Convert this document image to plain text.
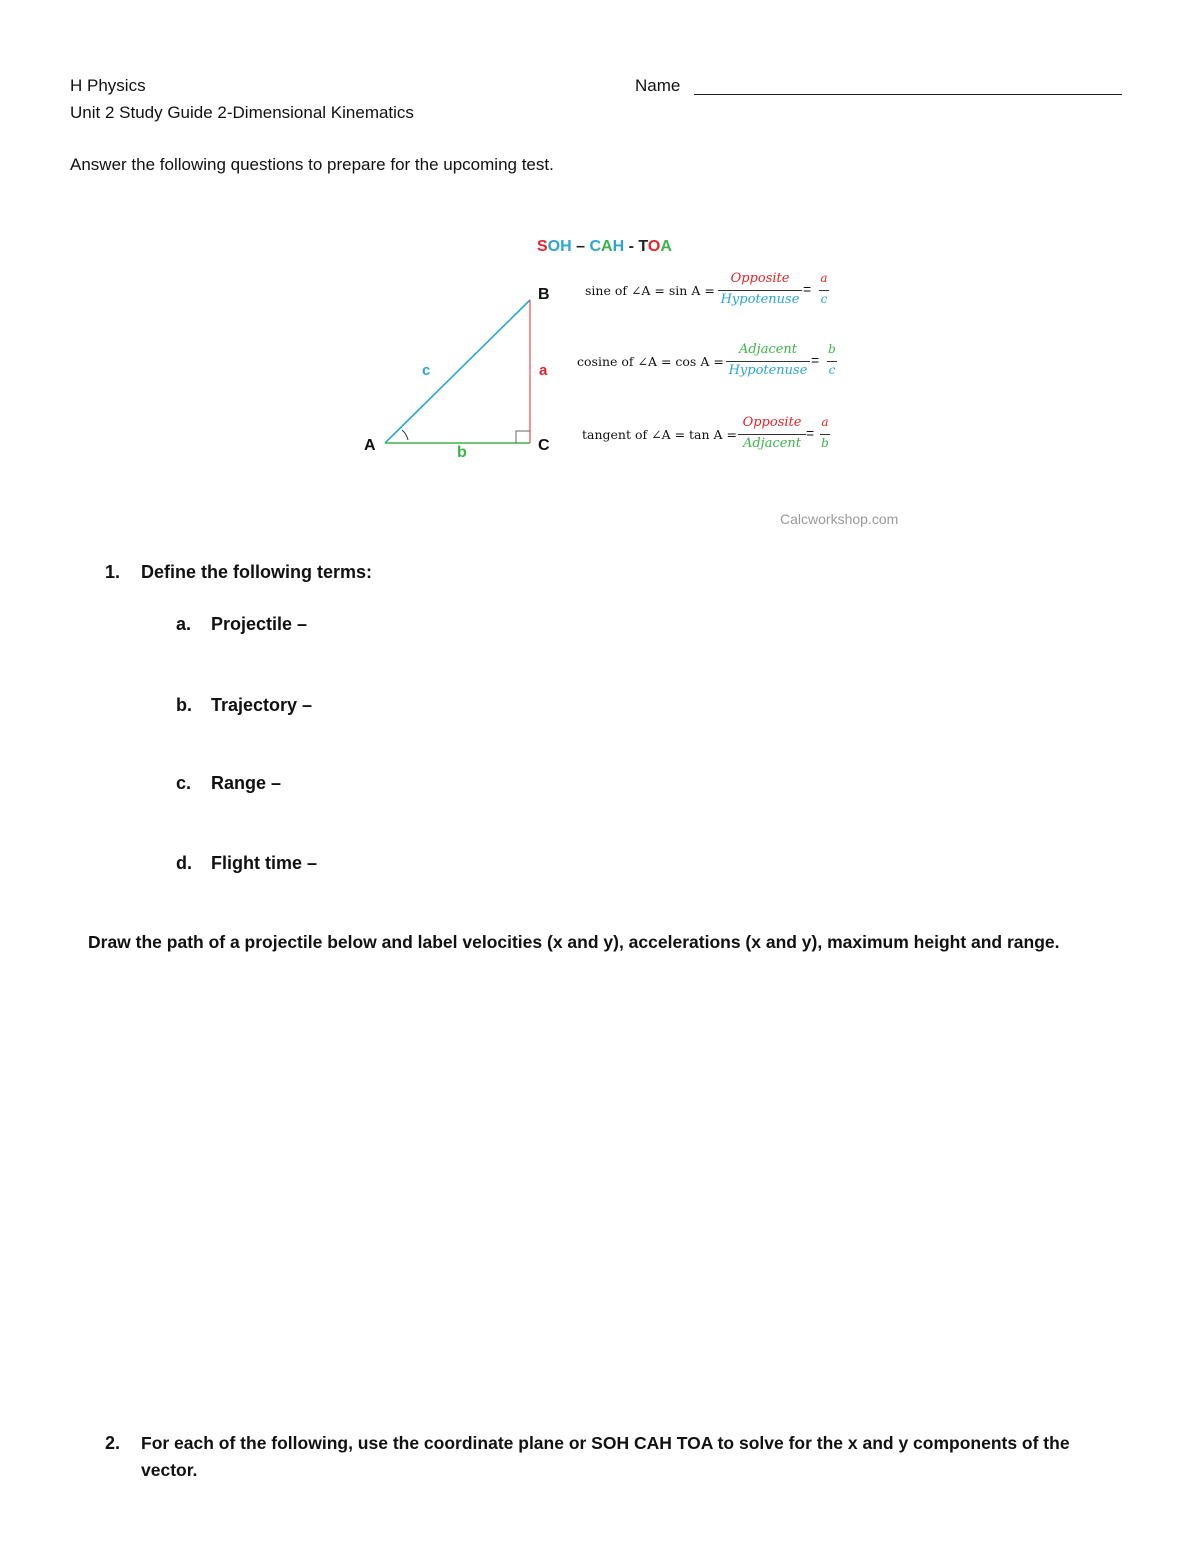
H Physics
Unit 2 Study Guide 2-Dimensional Kinematics
Name
Answer the following questions to prepare for the upcoming test.
SOH – CAH - TOA
A
B
C
a
b
c
sine of ∠A = sin A =
Opposite
Hypotenuse
=
a
c
cosine of ∠A = cos A =
Adjacent
Hypotenuse
=
b
c
tangent of ∠A = tan A =
Opposite
Adjacent
=
a
b
Calcworkshop.com
1. Define the following terms:
a. Projectile –
b. Trajectory –
c. Range –
d. Flight time –
Draw the path of a projectile below and label velocities (x and y), accelerations (x and y), maximum height and range.
2. For each of the following, use the coordinate plane or SOH CAH TOA to solve for the x and y components of the
vector.
